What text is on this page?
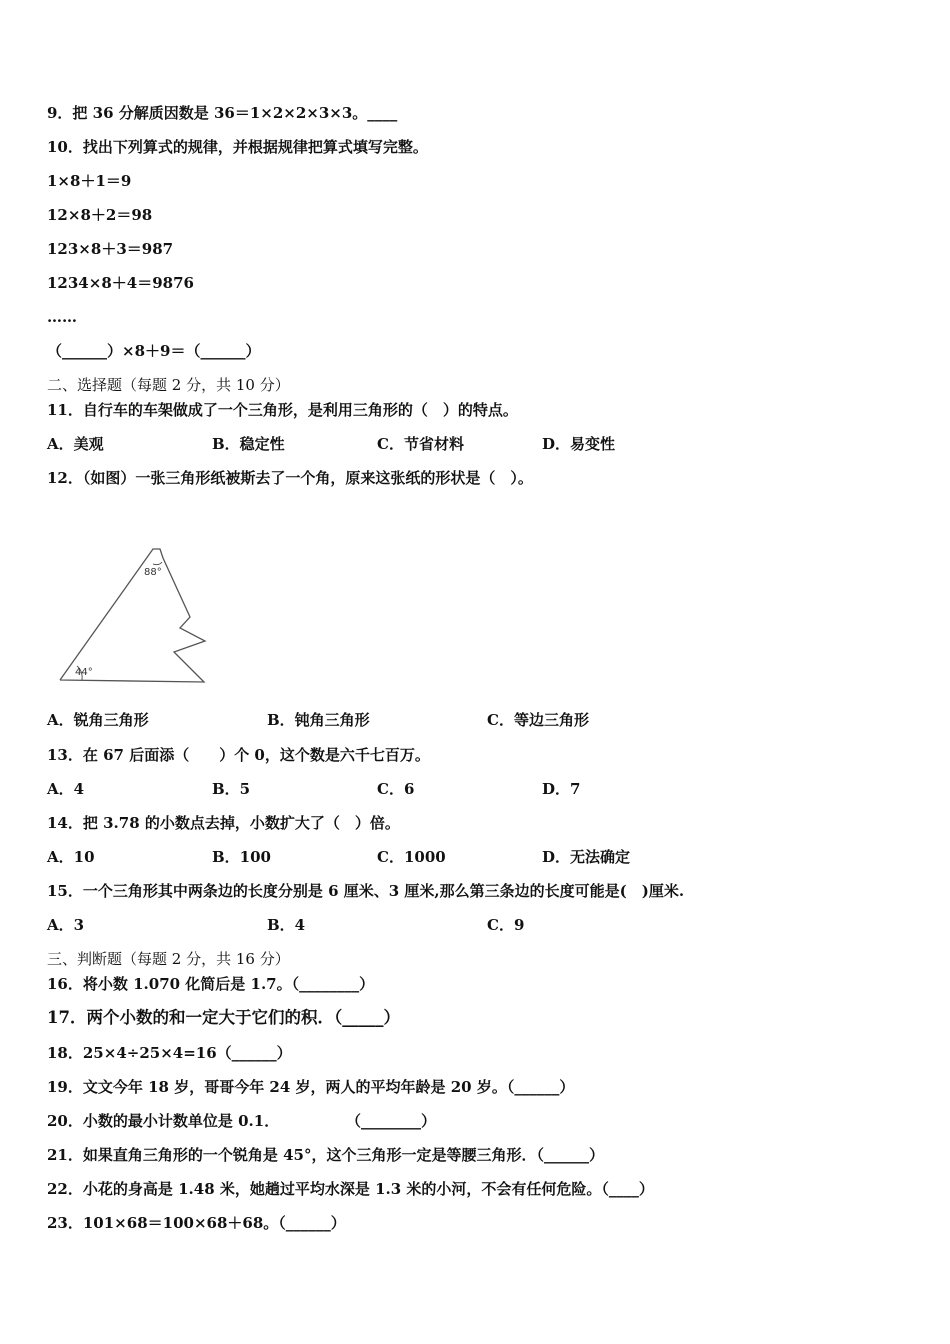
9．把 36 分解质因数是 36＝1×2×2×3×3。____
10．找出下列算式的规律，并根据规律把算式填写完整。
1×8＋1＝9
12×8＋2＝98
123×8＋3＝987
1234×8＋4＝9876
……
（______）×8＋9＝（______）
二、选择题（每题 2 分，共 10 分）
11．自行车的车架做成了一个三角形，是利用三角形的（　）的特点。
A．美观	B．稳定性	C．节省材料	D．易变性
12．（如图）一张三角形纸被斯去了一个角，原来这张纸的形状是（　）。
88°
44°
A．锐角三角形	B．钝角三角形	C．等边三角形
13．在 67 后面添（　　）个 0，这个数是六千七百万。
A．4	B．5	C．6	D．7
14．把 3.78 的小数点去掉，小数扩大了（　）倍。
A．10	B．100	C．1000	D．无法确定
15．一个三角形其中两条边的长度分别是 6 厘米、3 厘米,那么第三条边的长度可能是(　)厘米.
A．3	B．4	C．9
三、判断题（每题 2 分，共 16 分）
16．将小数 1.070 化简后是 1.7。（________）
17．两个小数的和一定大于它们的积．（_____）
18．25×4÷25×4=16（______）
19．文文今年 18 岁，哥哥今年 24 岁，两人的平均年龄是 20 岁。（______）
20．小数的最小计数单位是 0.1．	（________）
21．如果直角三角形的一个锐角是 45°，这个三角形一定是等腰三角形．（______）
22．小花的身高是 1.48 米，她趟过平均水深是 1.3 米的小河，不会有任何危险。（____）
23．101×68＝100×68＋68。（______）
